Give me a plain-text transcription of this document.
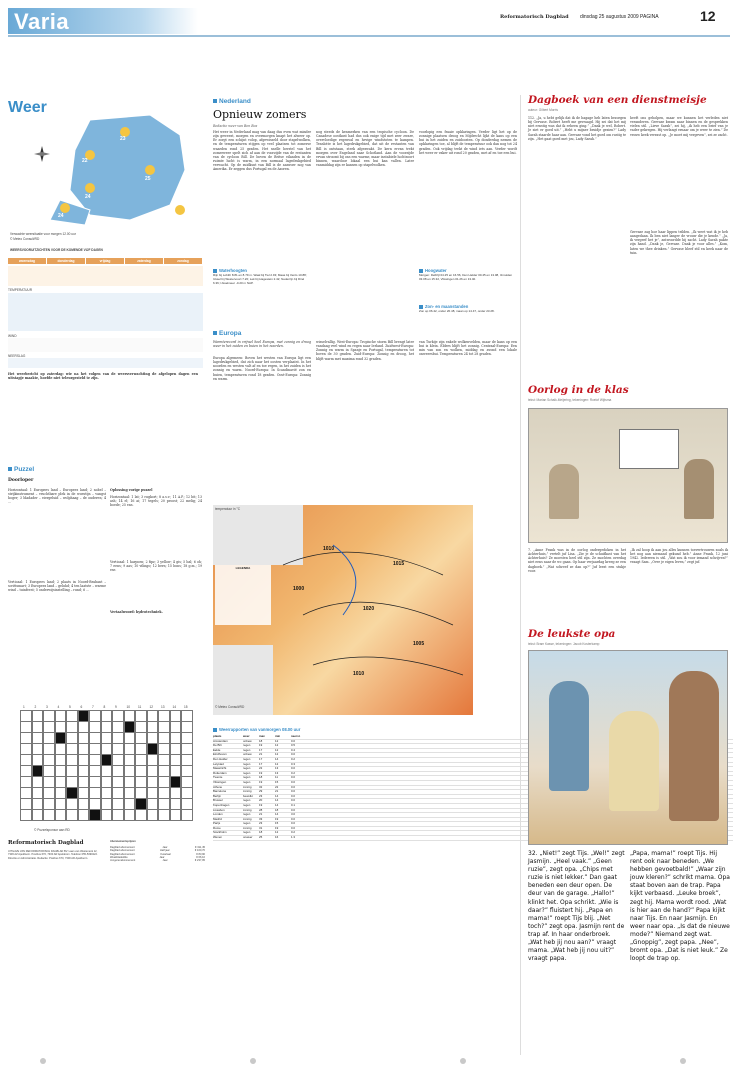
Varia	Reformatorisch Dagblad dinsdag 25 augustus 2009 PAGINA	12
Weer
23
22
25
24
24	25
Verwachte weersituatie voor morgen 12.00 uur
© Meteo Consult/RD
WEERSVOORUITZICHTEN VOOR DE KOMENDE VIJF DAGEN
woensdag	donderdag	vrijdag	zaterdag	zondag
TEMPERATUUR
WIND
NEERSLAG
Het weerbericht op zaterdag: wie na het volgen van de weersverwachting de afgelopen dagen een uitstapje maakte, hoefde niet teleurgesteld te zijn.
Nederland
Opnieuw zomers
Redactie weer van Ben Bos
Het weer in Nederland mag van daag dus even wat minder zijn geweest, morgen en overmorgen knapt het alweer op. Er zorgt een schijnt volop, afgewisseld door stapelwolken, en de temperaturen stijgen op veel plaatsen tot zomerse waarden rond 25 graden. Het snelle herstel van het zomerweer spelt zich af aan de voorzijde van de restanten van de cycloon Bill. De boven de Britse eilanden in de ruimte lucht is warm, in een normaal lagedrukgebied verwacht. Op de zuidkust van Bill is de aanvoer nog van Amerika. Er zeggen dus Portugal en de Azoren.
nog steeds de kenmerken van een tropische cycloon. De Canadese oostkust had dus ook enige tijd met zeer zware, overvloedige regenval en hevige windstoten te kampen. Tenslotte is het lagedrukgebied, dat uit de restanten van Bill is ontstaan, sterk afgezwakt. De kern ervan trekt morgen over Engeland naar Schotland. Aan de voorzijde ervan stroomt bij ons een warme, maar instabiele luchtsoort binnen, waardoor lokaal een bui kan vallen. Later vanmiddag zijn er kansen op stapelwolken.
voorlopig een fraaie opklaringen. Verder ligt het op de zonnige plaatsen droog en Mijdrecht lijkt de kans op een bui in het zuiden en zuidoosten. Op donderdag nemen de opklaringen toe, al blijft de temperatuur ook dan nog tot 24 graden. Ook vrijdag trekt de wind iets aan. Verder wordt het weer er vaker uit rond 20 graden, met af en toe een bui.
Waterhoogten
Rijn bij Lobith 8.81 en 8.79 m. Waal bij Tiel 2.93; Maas bij Venlo 10.88; IJssel bij Westervoort 7.20; Lek bij Hagestein 2.42; Nederrijn bij Driel 6.36; IJsselmeer -0.20 m NAP.
Hoogwater
Morgen: Delfzijl 04.25 en 16.56, Den Helder 00.45 en 13.08, IJmuiden 03.08 en 15.32, Vlissingen 01.26 en 13.40.
Zon- en maanstanden
Zon op 06.42, onder 20.48, maan op 14.47, onder 23.28.
Europa
Warmterecord in vrijwel heel Europa, met zonnig en droog weer in het zuiden en buien in het noorden.
Europa algemeen: Boven het westen van Europa ligt een lagedrukgebied, dat zich naar het oosten verplaatst. In het noorden en westen valt af en toe regen, in het zuiden is het zonnig en warm. Noord-Europa: In Scandinavië zon en buien, temperaturen rond 18 graden. Oost-Europa: Zonnig en warm.
wisselvallig. West-Europa: Tropische storm Bill brengt later vandaag veel wind en regen naar Ierland. Zuidwest-Europa: Zonnig en warm in Spanje en Portugal, temperaturen tot boven de 30 graden. Zuid-Europa: Zonnig en droog, het blijft warm met maxima rond 32 graden.
van Turkije zijn enkele wolkenvelden, maar de kans op een bui is klein. Elders blijft het zonnig. Centraal-Europa: Een mix van zon en wolken, middag en avond een lokale onweersbui. Temperaturen 24 tot 28 graden.
temperatuur in °C
LEGENDA
1010
1015
1020
1000
1005
1010
© Meteo Consult/RD
Weerrapporten van vanmorgen 08.00 uur
plaats	weer	max	min	neersl.
Amsterdam	onbew.	18	12	0.0
De Bilt	regen	19	12	0.5
Eelde	regen	17	12	0.4
Eindhoven	onbew.	21	12	0.0
Den Helder	regen	17	14	0.2
Lelystad	regen	17	12	0.3
Maastricht	regen	22	13	0.0
Rotterdam	regen	19	13	0.2
Twente	regen	18	11	0.0
Vlissingen	regen	19	15	0.0
Athene	zonnig	32	22	0.0
Barcelona	zonnig	29	21	0.0
Berlijn	bewolkt	23	14	0.0
Brussel	regen	20	14	0.0
Kopenhagen	regen	19	14	0.1
Lissabon	zonnig	28	18	0.0
Londen	regen	21	14	3.0
Madrid	zonnig	33	19	0.0
Parijs	regen	23	15	0.0
Rome	zonnig	31	19	0.0
Stockholm	regen	18	12	0.2
Wenen	onweer	25	16	1.3
Puzzel
Doorloper
Horizontaal: 1 Europees land – Europees land; 2 nobel – strijkinstrument – vruchtbare plek in de woestijn – vangst hoger; 3 bladader – eiergeluid – wolphaag – de ouderen; 4 ...
Verticaal: 1 Europees land; 2 plaats in Noord-Brabant – scrittsmart; 3 Europees land – geluhd; 4 ten laatste – warme wind – tuinfeest; 5 onderwijsinstelling – rund; 6 ...
Oplossing vorige puzzel
Horizontaal: 1 lat; 3 rugkort; 8 a.s.v.; 11 A.P.; 12 bit; 13 ash; 14 el; 16 ai; 17 tegels; 20 proost; 22 melig; 24 boede; 25 ens.
Verticaal: 1 harpoen; 2 fipz; 3 yellow; 4 gis; 5 bal; 6 oh; 7 eens; 9 aas; 10 vilingo; 12 bern; 15 bons; 18 g.m.; 19 ese.
Vertaalwoord: hydrotechniek.
1	2	3	4	5	6	7	8	9	10 11	12 13 14 15
© Puzzelsponsor aan RD
Reformatorisch Dagblad
UITGAVE VAN REFORMATORISCH DAGBLAD BV. Laan van Westenenk 12, 7336 AZ Apeldoorn. Postbus 670, 7300 AR Apeldoorn. Telefoon 055-5390222. Directie en Administratie. Redactie: Postbus 670, 7300 AR Apeldoorn.
Abonnementsprijzen
Dagblad abonnement	Jaar	€ 311,45
Dagblad abonnement	Half jaar	€ 160,70
Dagblad abonnement	Kwartaal	€ 83,90
Weekbladeditie	Jaar	€ 66,10
Jongerenabonnement	Jaar	€ 237,95
Dagboek van een dienstmeisje
auteur: Gilbert Morris
112. „Ja, u hebt gelijk dat ik de bagage heb laten bezorgen bij Gervase. Robert heeft me gevraagd. Hij zei dat het mij niet ernstig was dat ik erheen ging.” „Dank je wel, Robert. Je ziet er goed uit.” „Hebt u mijner bruidje gezien?” Lady Sarah staarde haar aan. Gervase vond het goed om rustig te zijn. „Het gaat goed met jou, Lady Sarah.”
heeft ons geholpen, maar we kunnen het verleden niet veranderen. Gervase kwam naar binnen en de gesprekken vielen stil. „Lieve Sarah”, zei hij, „ik heb een brief van je vader gekregen. Hij verlangt ernaar om je weer te zien.” De vrouw keek verrast op. „Je moet mij vergeven”, zei ze zacht.
Gervase zag hoe haar lippen trilden. „Ik weet wat ik je heb aangedaan. Ik ben niet langer de vrouw die je kende.” „Ja, ik vergeef het je”, antwoordde hij zacht. Lady Sarah pakte zijn hand. „Dank je, Gervase. Dank je voor alles.” „Kom, laten we thee drinken.” Gervase bleef stil en keek naar de tuin.
Oorlog in de klas
tekst: Marian Schalk-Meijering, tekeningen: Roelof Wijtsma
7. „Anne Frank was in de oorlog ondergedoken in het Achterhuis,” vertelt juf Lisa. „Zie je de schuifkast van het Achterhuis? Ze moesten heel stil zijn. Ze mochten overdag niet eens naar de wc gaan. Op haar verjaardag kreeg ze een dagboek.” „Wat schreef ze dan op?” Juf leest een stukje voor.
„Ik zal hoop ik aan jou alles kunnen toevertrouwen zoals ik het nog aan niemand gekund heb.” Anne Frank, 12 juni 1942. Iedereen is stil. „Wat zou ik voor iemand schrijven?” vraagt Sam. „Over je eigen leven,” zegt juf.
De leukste opa
tekst: Bram Kasse, tekeningen: Jacob Kosterkamp
32. „Niet!” zegt Tijs. „Wel!” zegt Jasmijn. „Heel vaak.” „Geen ruzie”, zegt opa. „Chips met ruzie is niet lekker.” Dan gaat beneden een deur open. De deur van de garage. „Hallo!” klinkt het. Opa schrikt. „Wie is daar?” fluistert hij. „Papa en mama!” roept Tijs blij. „Net toch?” zegt opa. Jasmijn rent de trap af. In haar onderbroek. „Wat heb jij nou aan?” vraagt mama. „Wat heb jij nou uit?” vraagt papa.
„Papa, mama!” roept Tijs. Hij rent ook naar beneden. „We hebben gevoetbald!” „Waar zijn jouw kleren?” schrikt mama. Opa staat boven aan de trap. Papa kijkt verbaasd. „Leuke broek”, zegt hij. Mama wordt rood. „Wat is hier aan de hand?” Papa kijkt naar Tijs. En naar Jasmijn. En weer naar opa. „Is dat de nieuwe mode?” Niemand zegt wat. „Gnoppig”, zegt papa. „Nee”, bromt opa. „Dat is niet leuk.” Ze loopt de trap op.
